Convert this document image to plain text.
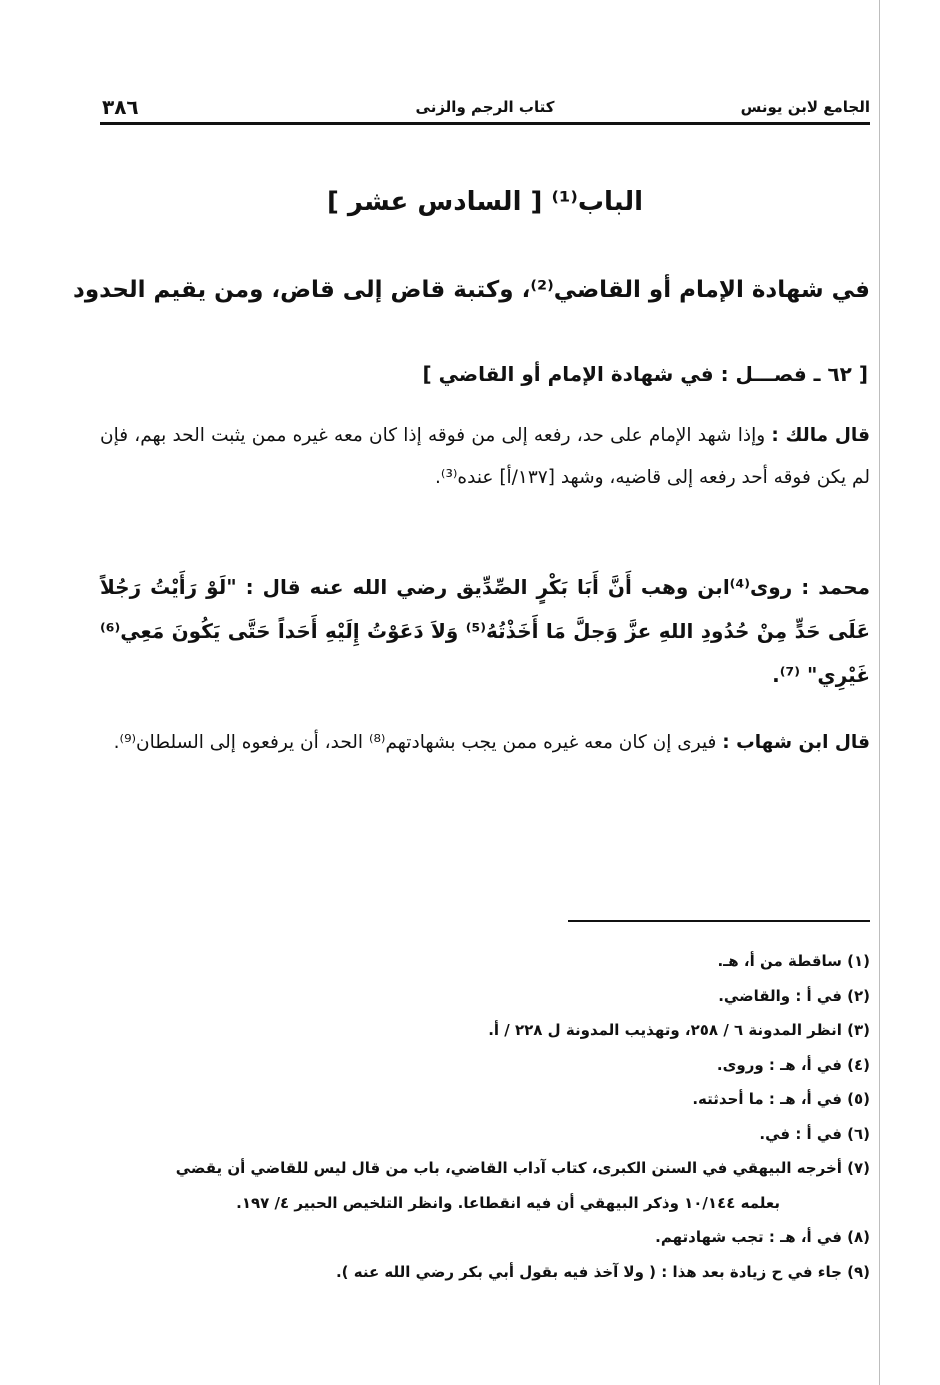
الجامع لابن يونس
كتاب الرجم والزنى
٣٨٦
الباب⁽¹⁾ [ السادس عشر ]
في شهادة الإمام أو القاضي⁽²⁾، وكتبة قاض إلى قاض، ومن يقيم الحدود
[ ٦٢ ـ فصـــل : في شهادة الإمام أو القاضي ]

قال مالك : وإذا شهد الإمام على حد، رفعه إلى من فوقه إذا كان معه غيره ممن يثبت الحد بهم، فإن لم يكن فوقه أحد رفعه إلى قاضيه، وشهد [١٣٧/أ] عنده⁽³⁾.

محمد : روى⁽⁴⁾ابن وهب أَنَّ أَبَا بَكْرٍ الصِّدِّيق رضي الله عنه قال : "لَوْ رَأَيْتُ رَجُلاً عَلَى حَدٍّ مِنْ حُدُودِ اللهِ عزَّ وَجلَّ مَا أَخَذْتُهُ⁽⁵⁾ وَلاَ دَعَوْتُ إِلَيْهِ أَحَداً حَتَّى يَكُونَ مَعِي⁽⁶⁾ غَيْرِي" ⁽⁷⁾.

قال ابن شهاب : فيرى إن كان معه غيره ممن يجب بشهادتهم⁽⁸⁾ الحد، أن يرفعوه إلى السلطان⁽⁹⁾.

(١) ساقطة من أ، هـ.
(٢) في أ : والقاضي.
(٣) انظر المدونة ٦ / ٢٥٨، وتهذيب المدونة ل ٢٢٨ / أ.
(٤) في أ، هـ : وروى.
(٥) في أ، هـ : ما أحدثته.
(٦) في أ : في.
(٧) أخرجه البيهقي في السنن الكبرى، كتاب آداب القاضي، باب من قال ليس للقاضي أن يقضي
بعلمه ١٠/١٤٤ وذكر البيهقي أن فيه انقطاعا. وانظر التلخيص الحبير ٤/ ١٩٧.
(٨) في أ، هـ : تجب شهادتهم.
(٩) جاء في ح زيادة بعد هذا : ( ولا آخذ فيه بقول أبي بكر رضي الله عنه ).
